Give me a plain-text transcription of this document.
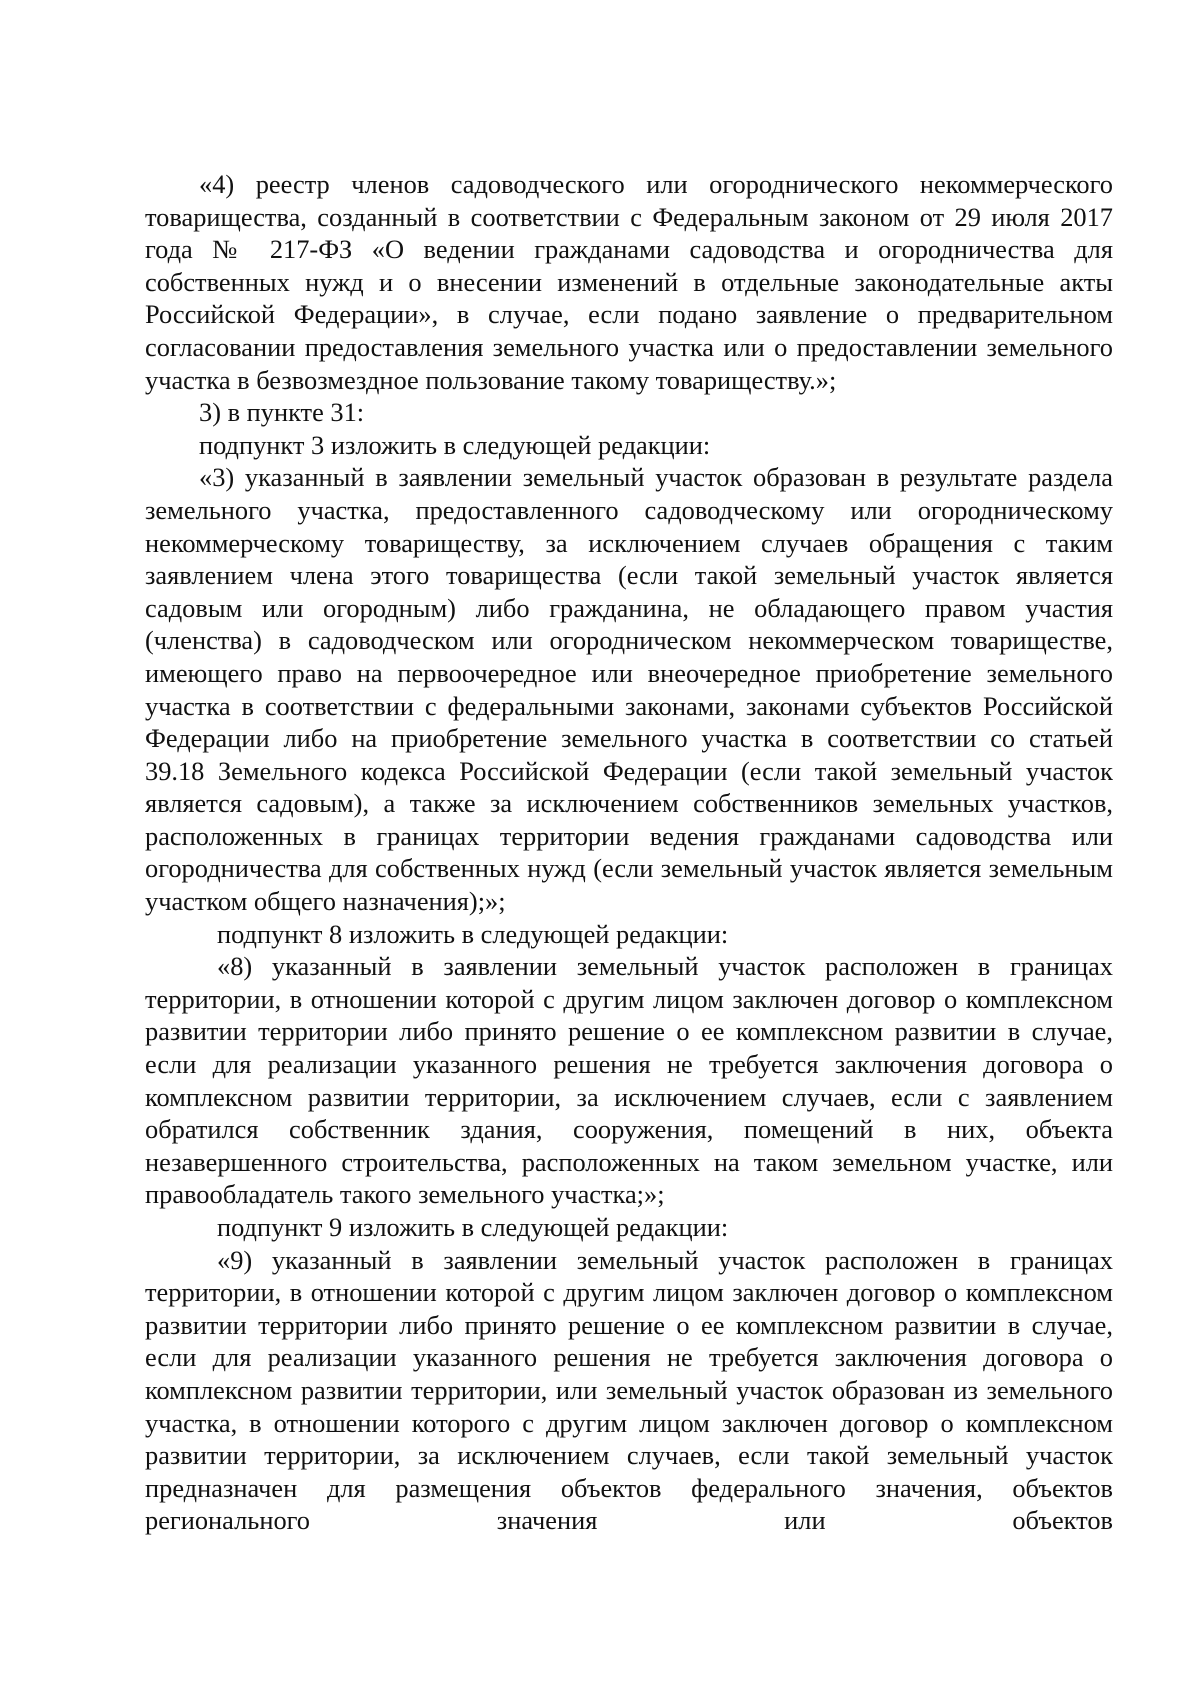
«4) реестр членов садоводческого или огороднического некоммерческого товарищества, созданный в соответствии с Федеральным законом от 29 июля 2017 года № 217-ФЗ «О ведении гражданами садоводства и огородничества для собственных нужд и о внесении изменений в отдельные законодательные акты Российской Федерации», в случае, если подано заявление о предварительном согласовании предоставления земельного участка или о предоставлении земельного участка в безвозмездное пользование такому товариществу.»;

3) в пункте 31:

подпункт 3 изложить в следующей редакции:

«3) указанный в заявлении земельный участок образован в результате раздела земельного участка, предоставленного садоводческому или огородническому некоммерческому товариществу, за исключением случаев обращения с таким заявлением члена этого товарищества (если такой земельный участок является садовым или огородным) либо гражданина, не обладающего правом участия (членства) в садоводческом или огородническом некоммерческом товариществе, имеющего право на первоочередное или внеочередное приобретение земельного участка в соответствии с федеральными законами, законами субъектов Российской Федерации либо на приобретение земельного участка в соответствии со статьей 39.18 Земельного кодекса Российской Федерации (если такой земельный участок является садовым), а также за исключением собственников земельных участков, расположенных в границах территории ведения гражданами садоводства или огородничества для собственных нужд (если земельный участок является земельным участком общего назначения);»;

подпункт 8 изложить в следующей редакции:

«8) указанный в заявлении земельный участок расположен в границах территории, в отношении которой с другим лицом заключен договор о комплексном развитии территории либо принято решение о ее комплексном развитии в случае, если для реализации указанного решения не требуется заключения договора о комплексном развитии территории, за исключением случаев, если с заявлением обратился собственник здания, сооружения, помещений в них, объекта незавершенного строительства, расположенных на таком земельном участке, или правообладатель такого земельного участка;»;

подпункт 9 изложить в следующей редакции:

«9) указанный в заявлении земельный участок расположен в границах территории, в отношении которой с другим лицом заключен договор о комплексном развитии территории либо принято решение о ее комплексном развитии в случае, если для реализации указанного решения не требуется заключения договора о комплексном развитии территории, или земельный участок образован из земельного участка, в отношении которого с другим лицом заключен договор о комплексном развитии территории, за исключением случаев, если такой земельный участок предназначен для размещения объектов федерального значения, объектов регионального значения или объектов
